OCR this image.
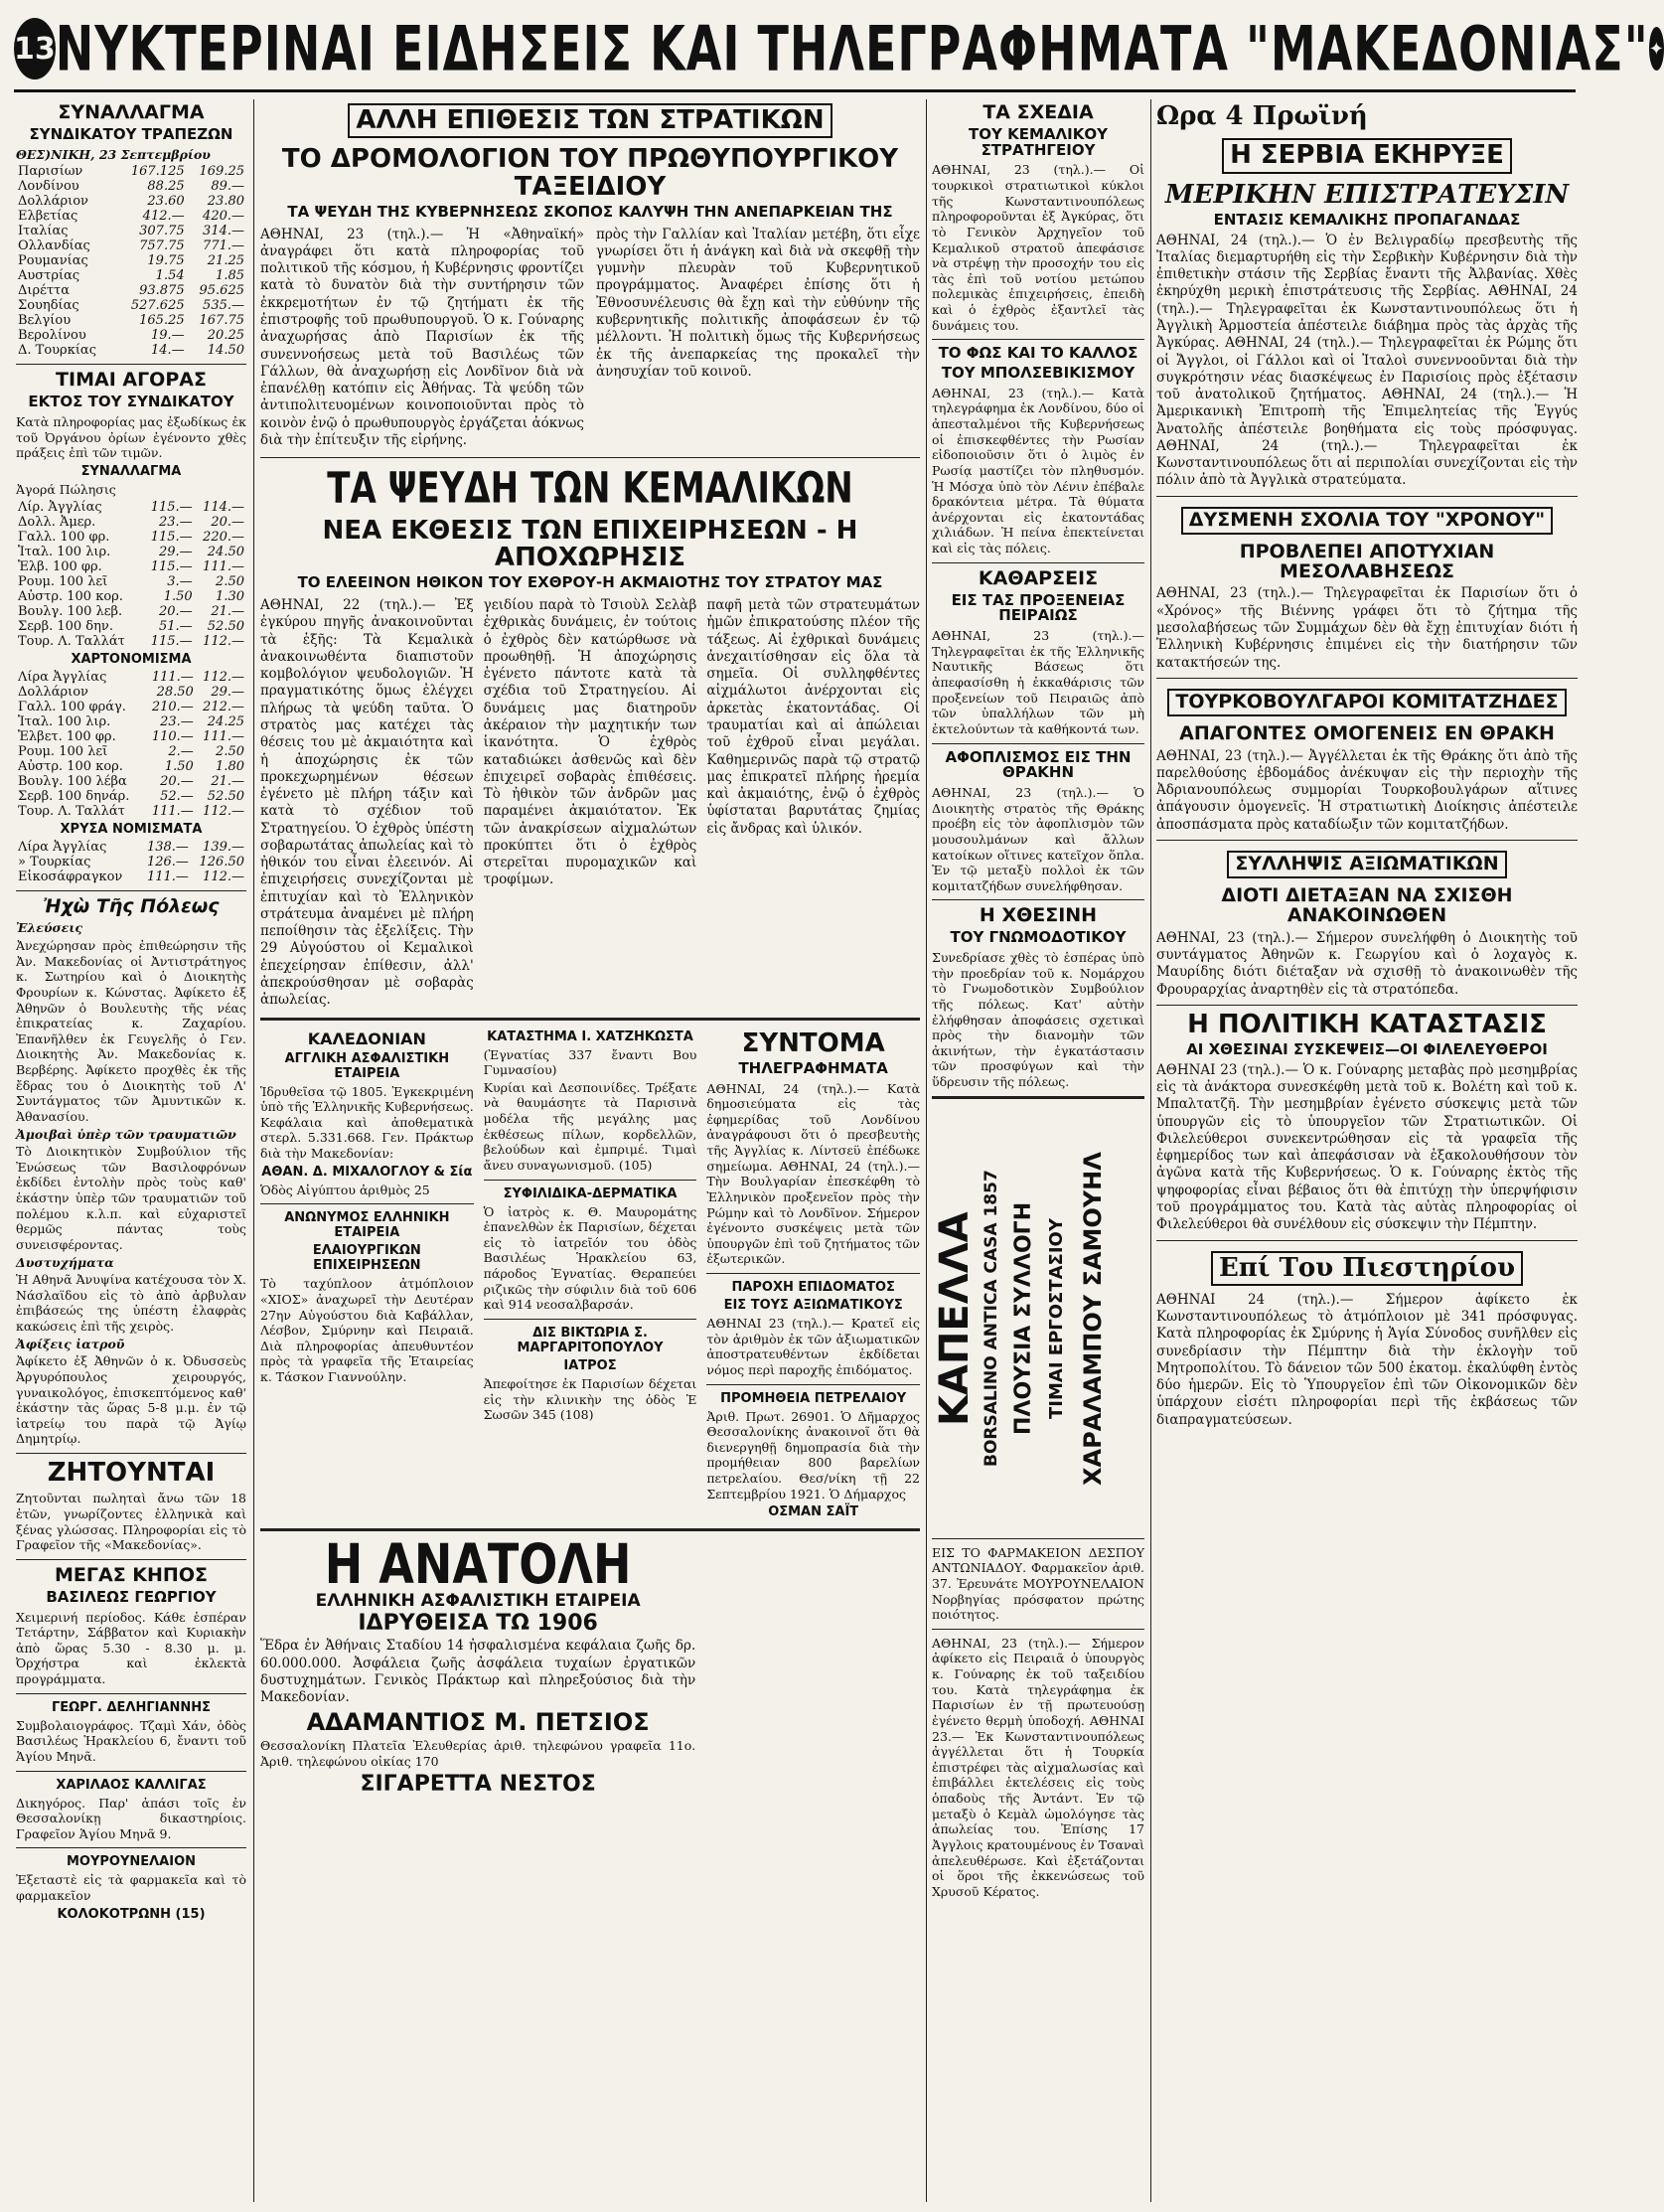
13 ΝΥΚΤΕΡΙΝΑΙ ΕΙΔΗΣΕΙΣ ΚΑΙ ΤΗΛΕΓΡΑΦΗΜΑΤΑ "ΜΑΚΕΔΟΝΙΑΣ" ✦
ΣΥΝΑΛΛΑΓΜΑ
ΣΥΝΔΙΚΑΤΟΥ ΤΡΑΠΕΖΩΝ
ΘΕΣ)ΝΙΚΗ, 23 Σεπτεμβρίου
Παρισίων	167.125	169.25
Λονδίνου	88.25	89.—
Δολλάριον	23.60	23.80
Ελβετίας	412.—	420.—
Ιταλίας	307.75	314.—
Ολλανδίας	757.75	771.—
Ρουμανίας	19.75	21.25
Αυστρίας	1.54	1.85
Διρέττα	93.875	95.625
Σουηδίας	527.625	535.—
Βελγίου	165.25	167.75
Βερολίνου	19.—	20.25
Δ. Τουρκίας	14.—	14.50
ΤΙΜΑΙ ΑΓΟΡΑΣ
ΕΚΤΟΣ ΤΟΥ ΣΥΝΔΙΚΑΤΟΥ
Κατὰ πληροφορίας μας ἐξωδίκως ἐκ τοῦ Ὀργάνου ὀρίων ἐγένοντο χθὲς πράξεις ἐπὶ τῶν τιμῶν.
ΣΥΝΑΛΛΑΓΜΑ
Ἀγορά Πώλησις
Λίρ. Ἀγγλίας	115.—	114.—
Δολλ. Ἀμερ.	23.—	20.—
Γαλλ. 100 φρ.	115.—	220.—
Ἰταλ. 100 λιρ.	29.—	24.50
Ἑλβ. 100 φρ.	115.—	111.—
Ρουμ. 100 λεῖ	3.—	2.50
Αὐστρ. 100 κορ.	1.50	1.30
Βουλγ. 100 λεβ.	20.—	21.—
Σερβ. 100 δην.	51.—	52.50
Τουρ. Λ. Ταλλάτ	115.—	112.—
ΧΑΡΤΟΝΟΜΙΣΜΑ
Λίρα Ἀγγλίας	111.—	112.—
Δολλάριον	28.50	29.—
Γαλλ. 100 φράγ.	210.—	212.—
Ἰταλ. 100 λιρ.	23.—	24.25
Ἑλβετ. 100 φρ.	110.—	111.—
Ρουμ. 100 λεῖ	2.—	2.50
Αὐστρ. 100 κορ.	1.50	1.80
Βουλγ. 100 λέβα	20.—	21.—
Σερβ. 100 δηνάρ.	52.—	52.50
Τουρ. Λ. Ταλλάτ	111.—	112.—
ΧΡΥΣΑ ΝΟΜΙΣΜΑΤΑ
Λίρα Ἀγγλίας	138.—	139.—
» Τουρκίας	126.—	126.50
Εἰκοσάφραγκον	111.—	112.—
Ἠχὼ Τῆς Πόλεως
Ἐλεύσεις
Ἀνεχώρησαν πρὸς ἐπιθεώρησιν τῆς Ἀν. Μακεδονίας οἱ Ἀντιστράτηγος κ. Σωτηρίου καὶ ὁ Διοικητὴς Φρουρίων κ. Κώνστας. Ἀφίκετο ἐξ Ἀθηνῶν ὁ Βουλευτὴς τῆς νέας ἐπικρατείας κ. Ζαχαρίου. Ἐπανῆλθεν ἐκ Γευγελῆς ὁ Γεν. Διοικητὴς Ἀν. Μακεδονίας κ. Βερβέρης. Ἀφίκετο προχθὲς ἐκ τῆς ἔδρας του ὁ Διοικητὴς τοῦ Λ' Συντάγματος τῶν Ἀμυντικῶν κ. Ἀθανασίου.
Ἀμοιβαὶ ὑπὲρ τῶν τραυματιῶν
Τὸ Διοικητικὸν Συμβούλιον τῆς Ἐνώσεως τῶν Βασιλοφρόνων ἐκδίδει ἐντολὴν πρὸς τοὺς καθ' ἑκάστην ὑπὲρ τῶν τραυματιῶν τοῦ πολέμου κ.λ.π. καὶ εὐχαριστεῖ θερμῶς πάντας τοὺς συνεισφέροντας.
Δυστυχήματα
Ἡ Αθηνᾶ Ἀνυψίνα κατέχουσα τὸν Χ. Νάσλαϊδου εἰς τὸ ἀπὸ ἀρβυλαν ἐπιβάσεώς της ὑπέστη ἐλαφρὰς κακώσεις ἐπὶ τῆς χειρὸς.
Ἀφίξεις ἰατροῦ
Ἀφίκετο ἐξ Ἀθηνῶν ὁ κ. Ὀδυσσεὺς Ἀργυρόπουλος χειρουργός, γυναικολόγος, ἐπισκεπτόμενος καθ' ἑκάστην τὰς ὥρας 5-8 μ.μ. ἐν τῷ ἰατρείῳ του παρὰ τῷ Ἀγίῳ Δημητρίῳ.
ΖΗΤΟΥΝΤΑΙ
Ζητοῦνται πωληταὶ ἄνω τῶν 18 ἐτῶν, γνωρίζοντες ἑλληνικὰ καὶ ξένας γλώσσας. Πληροφορίαι εἰς τὸ Γραφεῖον τῆς «Μακεδονίας».
ΜΕΓΑΣ ΚΗΠΟΣ
ΒΑΣΙΛΕΩΣ ΓΕΩΡΓΙΟΥ
Χειμερινή περίοδος. Κάθε ἑσπέραν Τετάρτην, Σάββατον καὶ Κυριακὴν ἀπὸ ὥρας 5.30 - 8.30 μ. μ. Ὀρχήστρα καὶ ἐκλεκτὰ προγράμματα.
ΓΕΩΡΓ. ΔΕΛΗΓΙΑΝΝΗΣ
Συμβολαιογράφος. Τζαμὶ Χάν, ὁδὸς Βασιλέως Ἡρακλείου 6, ἔναντι τοῦ Ἁγίου Μηνᾶ.
ΧΑΡΙΛΑΟΣ ΚΑΛΛΙΓΑΣ
Δικηγόρος. Παρ' ἀπάσι τοῖς ἐν Θεσσαλονίκῃ δικαστηρίοις. Γραφεῖον Ἁγίου Μηνᾶ 9.
ΜΟΥΡΟΥΝΕΛΑΙΟΝ
Ἐξεταστὲ εἰς τὰ φαρμακεῖα καὶ τὸ φαρμακεῖον
ΚΟΛΟΚΟΤΡΩΝΗ (15)
ΑΛΛΗ ΕΠΙΘΕΣΙΣ ΤΩΝ ΣΤΡΑΤΙΚΩΝ
ΤΟ ΔΡΟΜΟΛΟΓΙΟΝ ΤΟΥ ΠΡΩΘΥΠΟΥΡΓΙΚΟΥ ΤΑΞΕΙΔΙΟΥ
ΤΑ ΨΕΥΔΗ ΤΗΣ ΚΥΒΕΡΝΗΣΕΩΣ ΣΚΟΠΟΣ ΚΑΛΥΨΗ ΤΗΝ ΑΝΕΠΑΡΚΕΙΑΝ ΤΗΣ
ΑΘΗΝΑΙ, 23 (τηλ.).— Ἡ «Ἀθηναϊκή» ἀναγράφει ὅτι κατὰ πληροφορίας τοῦ πολιτικοῦ τῆς κόσμου, ἡ Κυβέρνησις φροντίζει κατὰ τὸ δυνατὸν διὰ τὴν συντήρησιν τῶν ἐκκρεμοτήτων ἐν τῷ ζητήματι ἐκ τῆς ἐπιστροφῆς τοῦ πρωθυπουργοῦ. Ὁ κ. Γούναρης ἀναχωρήσας ἀπὸ Παρισίων ἐκ τῆς συνεννοήσεως μετὰ τοῦ Βασιλέως τῶν Γάλλων, θὰ ἀναχωρήσῃ εἰς Λονδῖνον διὰ νὰ ἐπανέλθῃ κατόπιν εἰς Ἀθήνας. Τὰ ψεύδη τῶν ἀντιπολιτευομένων κοινοποιοῦνται πρὸς τὸ κοινὸν ἐνῷ ὁ πρωθυπουργὸς ἐργάζεται ἀόκνως διὰ τὴν ἐπίτευξιν τῆς εἰρήνης.
πρὸς τὴν Γαλλίαν καὶ Ἰταλίαν μετέβη, ὅτι εἶχε γνωρίσει ὅτι ἡ ἀνάγκη καὶ διὰ νὰ σκεφθῇ τὴν γυμνὴν πλευρὰν τοῦ Κυβερνητικοῦ προγράμματος. Ἀναφέρει ἐπίσης ὅτι ἡ Ἐθνοσυνέλευσις θὰ ἔχῃ καὶ τὴν εὐθύνην τῆς κυβερνητικῆς πολιτικῆς ἀποφάσεων ἐν τῷ μέλλοντι. Ἡ πολιτικὴ ὅμως τῆς Κυβερνήσεως ἐκ τῆς ἀνεπαρκείας της προκαλεῖ τὴν ἀνησυχίαν τοῦ κοινοῦ.
ΤΑ ΨΕΥΔΗ ΤΩΝ ΚΕΜΑΛΙΚΩΝ
ΝΕΑ ΕΚΘΕΣΙΣ ΤΩΝ ΕΠΙΧΕΙΡΗΣΕΩΝ - Η ΑΠΟΧΩΡΗΣΙΣ
ΤΟ ΕΛΕΕΙΝΟΝ ΗΘΙΚΟΝ ΤΟΥ ΕΧΘΡΟΥ-Η ΑΚΜΑΙΟΤΗΣ ΤΟΥ ΣΤΡΑΤΟΥ ΜΑΣ
ΑΘΗΝΑΙ, 22 (τηλ.).— Ἐξ ἐγκύρου πηγῆς ἀνακοινοῦνται τὰ ἑξῆς: Τὰ Κεμαλικὰ ἀνακοινωθέντα διαπιστοῦν κομβολόγιον ψευδολογιῶν. Ἡ πραγματικότης ὅμως ἐλέγχει πλήρως τὰ ψεύδη ταῦτα. Ὁ στρατὸς μας κατέχει τὰς θέσεις του μὲ ἀκμαιότητα καὶ ἡ ἀποχώρησις ἐκ τῶν προκεχωρημένων θέσεων ἐγένετο μὲ πλήρη τάξιν καὶ κατὰ τὸ σχέδιον τοῦ Στρατηγείου. Ὁ ἐχθρὸς ὑπέστη σοβαρωτάτας ἀπωλείας καὶ τὸ ἠθικόν του εἶναι ἐλεεινόν. Αἱ ἐπιχειρήσεις συνεχίζονται μὲ ἐπιτυχίαν καὶ τὸ Ἑλληνικὸν στράτευμα ἀναμένει μὲ πλήρη πεποίθησιν τὰς ἐξελίξεις. Τὴν 29 Αὐγούστου οἱ Κεμαλικοὶ ἐπεχείρησαν ἐπίθεσιν, ἀλλ' ἀπεκρούσθησαν μὲ σοβαρὰς ἀπωλείας.
γειδίου παρὰ τὸ Τσιοὺλ Σελὰβ ἐχθρικὰς δυνάμεις, ἐν τούτοις ὁ ἐχθρὸς δὲν κατώρθωσε νὰ προωθηθῇ. Ἡ ἀποχώρησις ἐγένετο πάντοτε κατὰ τὰ σχέδια τοῦ Στρατηγείου. Αἱ δυνάμεις μας διατηροῦν ἀκέραιον τὴν μαχητικήν των ἱκανότητα. Ὁ ἐχθρὸς καταδιώκει ἀσθενῶς καὶ δὲν ἐπιχειρεῖ σοβαρὰς ἐπιθέσεις. Τὸ ἠθικὸν τῶν ἀνδρῶν μας παραμένει ἀκμαιότατον. Ἐκ τῶν ἀνακρίσεων αἰχμαλώτων προκύπτει ὅτι ὁ ἐχθρὸς στερεῖται πυρομαχικῶν καὶ τροφίμων.
παφῆ μετὰ τῶν στρατευμάτων ἡμῶν ἐπικρατούσης πλέον τῆς τάξεως. Αἱ ἐχθρικαὶ δυνάμεις ἀνεχαιτίσθησαν εἰς ὅλα τὰ σημεῖα. Οἱ συλληφθέντες αἰχμάλωτοι ἀνέρχονται εἰς ἀρκετὰς ἑκατοντάδας. Οἱ τραυματίαι καὶ αἱ ἀπώλειαι τοῦ ἐχθροῦ εἶναι μεγάλαι. Καθημερινῶς παρὰ τῷ στρατῷ μας ἐπικρατεῖ πλήρης ἠρεμία καὶ ἀκμαιότης, ἐνῷ ὁ ἐχθρὸς ὑφίσταται βαρυτάτας ζημίας εἰς ἄνδρας καὶ ὑλικόν.
ΚΑΛΕΔΟΝΙΑΝ
ΑΓΓΛΙΚΗ ΑΣΦΑΛΙΣΤΙΚΗ ΕΤΑΙΡΕΙΑ
Ἱδρυθεῖσα τῷ 1805. Ἐγκεκριμένη ὑπὸ τῆς Ἑλληνικῆς Κυβερνήσεως. Κεφάλαια καὶ ἀποθεματικὰ στερλ. 5.331.668. Γεν. Πράκτωρ διὰ τὴν Μακεδονίαν:
ΑΘΑΝ. Δ. ΜΙΧΑΛΟΓΛΟΥ & Σία
Ὁδὸς Αἰγύπτου ἀριθμὸς 25
ΑΝΩΝΥΜΟΣ ΕΛΛΗΝΙΚΗ ΕΤΑΙΡΕΙΑ
ΕΛΑΙΟΥΡΓΙΚΩΝ ΕΠΙΧΕΙΡΗΣΕΩΝ
Τὸ ταχύπλοον ἀτμόπλοιον «ΧΙΟΣ» ἀναχωρεῖ τὴν Δευτέραν 27ην Αὐγούστου διὰ Καβάλλαν, Λέσβον, Σμύρνην καὶ Πειραιᾶ. Διὰ πληροφορίας ἀπευθυντέον πρὸς τὰ γραφεῖα τῆς Ἑταιρείας κ. Τάσκον Γιαννούλην.
ΚΑΤΑΣΤΗΜΑ Ι. ΧΑΤΖΗΚΩΣΤΑ
(Ἐγνατίας 337 ἔναντι Βου Γυμνασίου)
Κυρίαι καὶ Δεσποινίδες. Τρέξατε νὰ θαυμάσητε τὰ Παρισινὰ μοδέλα τῆς μεγάλης μας ἐκθέσεως πίλων, κορδελλῶν, βελούδων καὶ ἐμπριμέ. Τιμαὶ ἄνευ συναγωνισμοῦ. (105)
ΣΥΦΙΛΙΔΙΚΑ-ΔΕΡΜΑΤΙΚΑ
Ὁ ἰατρὸς κ. Θ. Μαυρομάτης ἐπανελθὼν ἐκ Παρισίων, δέχεται εἰς τὸ ἰατρεῖόν του ὁδὸς Βασιλέως Ἡρακλείου 63, πάροδος Ἐγνατίας. Θεραπεύει ριζικῶς τὴν σύφιλιν διὰ τοῦ 606 καὶ 914 νεοσαλβαρσάν.
ΔΙΣ ΒΙΚΤΩΡΙΑ Σ. ΜΑΡΓΑΡΙΤΟΠΟΥΛΟΥ
ΙΑΤΡΟΣ
Ἀπεφοίτησε ἐκ Παρισίων δέχεται εἰς τὴν κλινικὴν της ὁδὸς Ἑ Σωσῶν 345 (108)
ΣΥΝΤΟΜΑ
ΤΗΛΕΓΡΑΦΗΜΑΤΑ
ΑΘΗΝΑΙ, 24 (τηλ.).— Κατὰ δημοσιεύματα εἰς τὰς ἐφημερίδας τοῦ Λονδίνου ἀναγράφουσι ὅτι ὁ πρεσβευτὴς τῆς Ἀγγλίας κ. Λίντσεϋ ἐπέδωκε σημείωμα. ΑΘΗΝΑΙ, 24 (τηλ.).— Τὴν Βουλγαρίαν ἐπεσκέφθη τὸ Ἐλληνικὸν προξενεῖον πρὸς τὴν Ρώμην καὶ τὸ Λονδῖνον. Σήμερον ἐγένοντο συσκέψεις μετὰ τῶν ὑπουργῶν ἐπὶ τοῦ ζητήματος τῶν ἐξωτερικῶν.
ΠΑΡΟΧΗ ΕΠΙΔΟΜΑΤΟΣ
ΕΙΣ ΤΟΥΣ ΑΞΙΩΜΑΤΙΚΟΥΣ
ΑΘΗΝΑΙ 23 (τηλ.).— Κρατεῖ εἰς τὸν ἀριθμὸν ἐκ τῶν ἀξιωματικῶν ἀποστρατευθέντων ἐκδίδεται νόμος περὶ παροχῆς ἐπιδόματος.
ΠΡΟΜΗΘΕΙΑ ΠΕΤΡΕΛΑΙΟΥ
Ἀριθ. Πρωτ. 26901. Ὁ Δῆμαρχος Θεσσαλονίκης ἀνακοινοῖ ὅτι θὰ διενεργηθῇ δημοπρασία διὰ τὴν προμήθειαν 800 βαρελίων πετρελαίου. Θεσ/νίκη τῇ 22 Σεπτεμβρίου 1921. Ὁ Δήμαρχος
ΟΣΜΑΝ ΣΑΪΤ
Η ΑΝΑΤΟΛΗ
ΕΛΛΗΝΙΚΗ ΑΣΦΑΛΙΣΤΙΚΗ ΕΤΑΙΡΕΙΑ
ΙΔΡΥΘΕΙΣΑ ΤΩ 1906
Ἕδρα ἐν Ἀθήναις Σταδίου 14 ἠσφαλισμένα κεφάλαια ζωῆς δρ. 60.000.000. Ἀσφάλεια ζωῆς ἀσφάλεια τυχαίων ἐργατικῶν δυστυχημάτων. Γενικὸς Πράκτωρ καὶ πληρεξούσιος διὰ τὴν Μακεδονίαν.
ΑΔΑΜΑΝΤΙΟΣ Μ. ΠΕΤΣΙΟΣ
Θεσσαλονίκη Πλατεῖα Ἐλευθερίας ἀριθ. τηλεφώνου γραφεῖα 11ο. Ἀριθ. τηλεφώνου οἰκίας 170
ΣΙΓΑΡΕΤΤΑ ΝΕΣΤΟΣ
ΤΑ ΣΧΕΔΙΑ
ΤΟΥ ΚΕΜΑΛΙΚΟΥ ΣΤΡΑΤΗΓΕΙΟΥ
ΑΘΗΝΑΙ, 23 (τηλ.).— Οἱ τουρκικοὶ στρατιωτικοὶ κύκλοι τῆς Κωνσταντινουπόλεως πληροφοροῦνται ἐξ Ἀγκύρας, ὅτι τὸ Γενικὸν Ἀρχηγεῖον τοῦ Κεμαλικοῦ στρατοῦ ἀπεφάσισε νὰ στρέψῃ τὴν προσοχήν του εἰς τὰς ἐπὶ τοῦ νοτίου μετώπου πολεμικὰς ἐπιχειρήσεις, ἐπειδὴ καὶ ὁ ἐχθρὸς ἐξαντλεῖ τὰς δυνάμεις του.
ΤΟ ΦΩΣ ΚΑΙ ΤΟ ΚΑΛΛΟΣ
ΤΟΥ ΜΠΟΛΣΕΒΙΚΙΣΜΟΥ
ΑΘΗΝΑΙ, 23 (τηλ.).— Κατὰ τηλεγράφημα ἐκ Λονδίνου, δύο οἱ ἀπεσταλμένοι τῆς Κυβερνήσεως οἱ ἐπισκεφθέντες τὴν Ρωσίαν εἰδοποιοῦσιν ὅτι ὁ λιμὸς ἐν Ρωσίᾳ μαστίζει τὸν πληθυσμόν. Ἡ Μόσχα ὑπὸ τὸν Λένιν ἐπέβαλε δρακόντεια μέτρα. Τὰ θύματα ἀνέρχονται εἰς ἑκατοντάδας χιλιάδων. Ἡ πείνα ἐπεκτείνεται καὶ εἰς τὰς πόλεις.
ΚΑΘΑΡΣΕΙΣ
ΕΙΣ ΤΑΣ ΠΡΟΞΕΝΕΙΑΣ ΠΕΙΡΑΙΩΣ
ΑΘΗΝΑΙ, 23 (τηλ.).— Τηλεγραφεῖται ἐκ τῆς Ἑλληνικῆς Ναυτικῆς Βάσεως ὅτι ἀπεφασίσθη ἡ ἐκκαθάρισις τῶν προξενείων τοῦ Πειραιῶς ἀπὸ τῶν ὑπαλλήλων τῶν μὴ ἐκτελούντων τὰ καθήκοντά των.
ΑΦΟΠΛΙΣΜΟΣ ΕΙΣ ΤΗΝ ΘΡΑΚΗΝ
ΑΘΗΝΑΙ, 23 (τηλ.).— Ὁ Διοικητὴς στρατὸς τῆς Θράκης προέβη εἰς τὸν ἀφοπλισμὸν τῶν μουσουλμάνων καὶ ἄλλων κατοίκων οἵτινες κατεῖχον ὅπλα. Ἐν τῷ μεταξὺ πολλοὶ ἐκ τῶν κομιτατζήδων συνελήφθησαν.
Η ΧΘΕΣΙΝΗ
ΤΟΥ ΓΝΩΜΟΔΟΤΙΚΟΥ
Συνεδρίασε χθὲς τὸ ἑσπέρας ὑπὸ τὴν προεδρίαν τοῦ κ. Νομάρχου τὸ Γνωμοδοτικὸν Συμβούλιον τῆς πόλεως. Κατ' αὐτὴν ἐλήφθησαν ἀποφάσεις σχετικαὶ πρὸς τὴν διανομὴν τῶν ἀκινήτων, τὴν ἐγκατάστασιν τῶν προσφύγων καὶ τὴν ὕδρευσιν τῆς πόλεως.
ΚΑΠΕΛΛΑ BORSALINO ANTICA CASA 1857 ΠΛΟΥΣΙΑ ΣΥΛΛΟΓΗ ΤΙΜΑΙ ΕΡΓΟΣΤΑΣΙΟΥ ΧΑΡΑΛΑΜΠΟΥ ΣΑΜΟΥΗΛ
ΕΙΣ ΤΟ ΦΑΡΜΑΚΕΙΟΝ ΔΕΣΠΟΥ ΑΝΤΩΝΙΑΔΟΥ. Φαρμακεῖον ἀριθ. 37. Ἐρευνάτε ΜΟΥΡΟΥΝΕΛΑΙΟΝ Νορβηγίας πρόσφατον πρώτης ποιότητος.
ΑΘΗΝΑΙ, 23 (τηλ.).— Σήμερον ἀφίκετο εἰς Πειραιᾶ ὁ ὑπουργὸς κ. Γούναρης ἐκ τοῦ ταξειδίου του. Κατὰ τηλεγράφημα ἐκ Παρισίων ἐν τῇ πρωτευούσῃ ἐγένετο θερμὴ ὑποδοχή. ΑΘΗΝΑΙ 23.— Ἐκ Κωνσταντινουπόλεως ἀγγέλλεται ὅτι ἡ Τουρκία ἐπιστρέφει τὰς αἰχμαλωσίας καὶ ἐπιβάλλει ἐκτελέσεις εἰς τοὺς ὁπαδοὺς τῆς Ἀντάντ. Ἐν τῷ μεταξὺ ὁ Κεμὰλ ὡμολόγησε τὰς ἀπωλείας του. Ἐπίσης 17 Ἀγγλοις κρατουμένους ἐν Τσαναὶ ἀπελευθέρωσε. Καὶ ἐξετάζονται οἱ ὅροι τῆς ἐκκενώσεως τοῦ Χρυσοῦ Κέρατος.
Ωρα 4 Πρωϊνή
Η ΣΕΡΒΙΑ ΕΚΗΡΥΞΕ
ΜΕΡΙΚΗΝ ΕΠΙΣΤΡΑΤΕΥΣΙΝ
ΕΝΤΑΣΙΣ ΚΕΜΑΛΙΚΗΣ ΠΡΟΠΑΓΑΝΔΑΣ
ΑΘΗΝΑΙ, 24 (τηλ.).— Ὁ ἐν Βελιγραδίῳ πρεσβευτὴς τῆς Ἰταλίας διεμαρτυρήθη εἰς τὴν Σερβικὴν Κυβέρνησιν διὰ τὴν ἐπιθετικὴν στάσιν τῆς Σερβίας ἔναντι τῆς Ἀλβανίας. Χθὲς ἐκηρύχθη μερικὴ ἐπιστράτευσις τῆς Σερβίας. ΑΘΗΝΑΙ, 24 (τηλ.).— Τηλεγραφεῖται ἐκ Κωνσταντινουπόλεως ὅτι ἡ Ἀγγλικὴ Ἁρμοστεία ἀπέστειλε διάβημα πρὸς τὰς ἀρχὰς τῆς Ἀγκύρας. ΑΘΗΝΑΙ, 24 (τηλ.).— Τηλεγραφεῖται ἐκ Ρώμης ὅτι οἱ Ἄγγλοι, οἱ Γάλλοι καὶ οἱ Ἰταλοὶ συνεννοοῦνται διὰ τὴν συγκρότησιν νέας διασκέψεως ἐν Παρισίοις πρὸς ἐξέτασιν τοῦ ἀνατολικοῦ ζητήματος. ΑΘΗΝΑΙ, 24 (τηλ.).— Ἡ Ἀμερικανικὴ Ἐπιτροπὴ τῆς Ἐπιμελητείας τῆς Ἐγγύς Ἀνατολῆς ἀπέστειλε βοηθήματα εἰς τοὺς πρόσφυγας. ΑΘΗΝΑΙ, 24 (τηλ.).— Τηλεγραφεῖται ἐκ Κωνσταντινουπόλεως ὅτι αἱ περιπολίαι συνεχίζονται εἰς τὴν πόλιν ἀπὸ τὰ Ἀγγλικὰ στρατεύματα.
ΔΥΣΜΕΝΗ ΣΧΟΛΙΑ ΤΟΥ "ΧΡΟΝΟΥ"
ΠΡΟΒΛΕΠΕΙ ΑΠΟΤΥΧΙΑΝ ΜΕΣΟΛΑΒΗΣΕΩΣ
ΑΘΗΝΑΙ, 23 (τηλ.).— Τηλεγραφεῖται ἐκ Παρισίων ὅτι ὁ «Χρόνος» τῆς Βιέννης γράφει ὅτι τὸ ζήτημα τῆς μεσολαβήσεως τῶν Συμμάχων δὲν θὰ ἔχῃ ἐπιτυχίαν διότι ἡ Ἑλληνικὴ Κυβέρνησις ἐπιμένει εἰς τὴν διατήρησιν τῶν κατακτήσεών της.
ΤΟΥΡΚΟΒΟΥΛΓΑΡΟΙ ΚΟΜΙΤΑΤΖΗΔΕΣ
ΑΠΑΓΟΝΤΕΣ ΟΜΟΓΕΝΕΙΣ ΕΝ ΘΡΑΚΗ
ΑΘΗΝΑΙ, 23 (τηλ.).— Ἀγγέλλεται ἐκ τῆς Θράκης ὅτι ἀπὸ τῆς παρελθούσης ἑβδομάδος ἀνέκυψαν εἰς τὴν περιοχὴν τῆς Ἀδριανουπόλεως συμμορίαι Τουρκοβουλγάρων αἵτινες ἀπάγουσιν ὁμογενεῖς. Ἡ στρατιωτικὴ Διοίκησις ἀπέστειλε ἀποσπάσματα πρὸς καταδίωξιν τῶν κομιτατζήδων.
ΣΥΛΛΗΨΙΣ ΑΞΙΩΜΑΤΙΚΩΝ
ΔΙΟΤΙ ΔΙΕΤΑΞΑΝ ΝΑ ΣΧΙΣΘΗ ΑΝΑΚΟΙΝΩΘΕΝ
ΑΘΗΝΑΙ, 23 (τηλ.).— Σήμερον συνελήφθη ὁ Διοικητὴς τοῦ συντάγματος Ἀθηνῶν κ. Γεωργίου καὶ ὁ λοχαγὸς κ. Μαυρίδης διότι διέταξαν νὰ σχισθῇ τὸ ἀνακοινωθὲν τῆς Φρουραρχίας ἀναρτηθὲν εἰς τὰ στρατόπεδα.
Η ΠΟΛΙΤΙΚΗ ΚΑΤΑΣΤΑΣΙΣ
ΑΙ ΧΘΕΣΙΝΑΙ ΣΥΣΚΕΨΕΙΣ—ΟΙ ΦΙΛΕΛΕΥΘΕΡΟΙ
ΑΘΗΝΑΙ 23 (τηλ.).— Ὁ κ. Γούναρης μεταβὰς πρὸ μεσημβρίας εἰς τὰ ἀνάκτορα συνεσκέφθη μετὰ τοῦ κ. Βολέτη καὶ τοῦ κ. Μπαλτατζῆ. Τὴν μεσημβρίαν ἐγένετο σύσκεψις μετὰ τῶν ὑπουργῶν εἰς τὸ ὑπουργεῖον τῶν Στρατιωτικῶν. Οἱ Φιλελεύθεροι συνεκεντρώθησαν εἰς τὰ γραφεῖα τῆς ἐφημερίδος των καὶ ἀπεφάσισαν νὰ ἐξακολουθήσουν τὸν ἀγῶνα κατὰ τῆς Κυβερνήσεως. Ὁ κ. Γούναρης ἐκτὸς τῆς ψηφοφορίας εἶναι βέβαιος ὅτι θὰ ἐπιτύχῃ τὴν ὑπερψήφισιν τοῦ προγράμματος του. Κατὰ τὰς αὐτὰς πληροφορίας οἱ Φιλελεύθεροι θὰ συνέλθουν εἰς σύσκεψιν τὴν Πέμπτην.
Επί Του Πιεστηρίου
ΑΘΗΝΑΙ 24 (τηλ.).— Σήμερον ἀφίκετο ἐκ Κωνσταντινουπόλεως τὸ ἀτμόπλοιον μὲ 341 πρόσφυγας. Κατὰ πληροφορίας ἐκ Σμύρνης ἡ Ἁγία Σύνοδος συνῆλθεν εἰς συνεδρίασιν τὴν Πέμπτην διὰ τὴν ἐκλογὴν τοῦ Μητροπολίτου. Τὸ δάνειον τῶν 500 ἑκατομ. ἐκαλύφθη ἐντὸς δύο ἡμερῶν. Εἰς τὸ Ὑπουργεῖον ἐπὶ τῶν Οἰκονομικῶν δὲν ὑπάρχουν εἰσέτι πληροφορίαι περὶ τῆς ἐκβάσεως τῶν διαπραγματεύσεων.
